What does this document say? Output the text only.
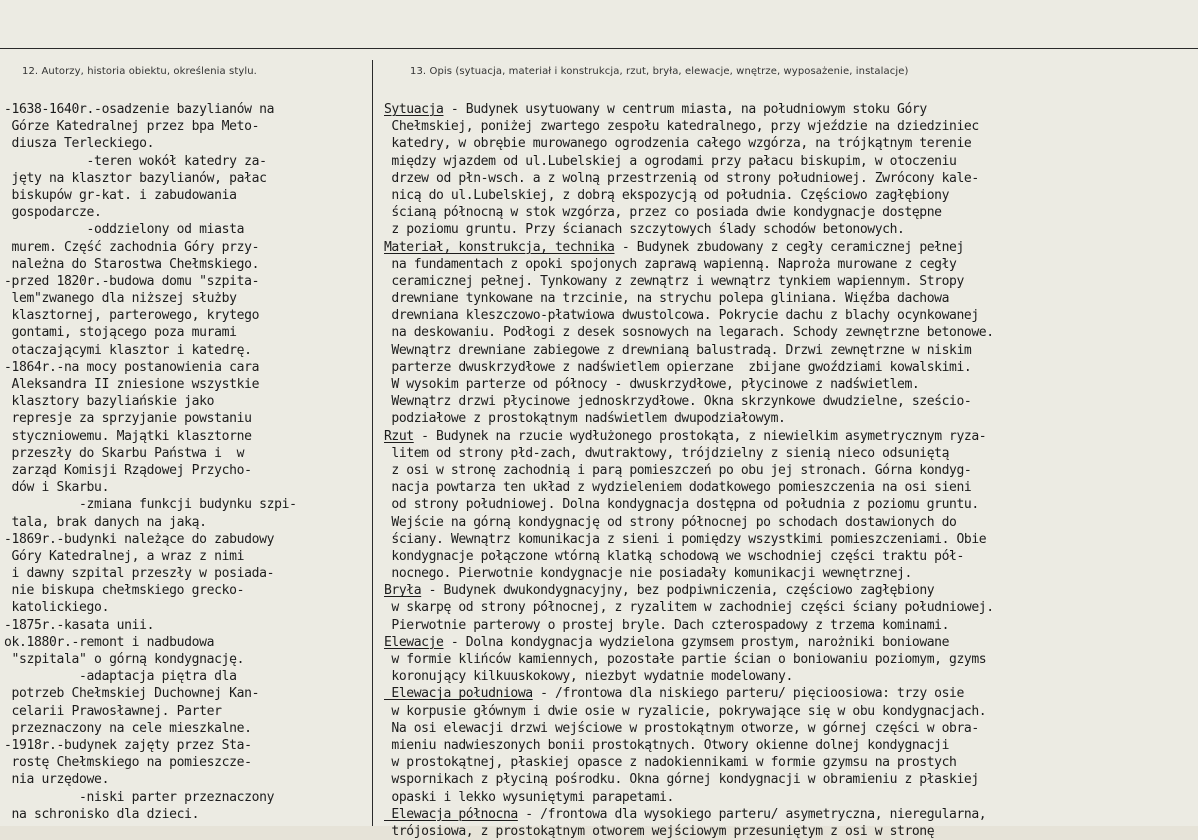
12. Autorzy, historia obiektu, określenia stylu.	13. Opis (sytuacja, materiał i konstrukcja, rzut, bryła, elewacje, wnętrze, wyposażenie, instalacje)
-1638-1640r.-osadzenie bazylianów na
Górze Katedralnej przez bpa Meto-
diusza Terleckiego.
-teren wokół katedry za-
jęty na klasztor bazylianów, pałac
biskupów gr-kat. i zabudowania
gospodarcze.
-oddzielony od miasta
murem. Część zachodnia Góry przy-
należna do Starostwa Chełmskiego.
-przed 1820r.-budowa domu "szpita-
lem"zwanego dla niższej służby
klasztornej, parterowego, krytego
gontami, stojącego poza murami
otaczającymi klasztor i katedrę.
-1864r.-na mocy postanowienia cara
Aleksandra II zniesione wszystkie
klasztory bazyliańskie jako
represje za sprzyjanie powstaniu
styczniowemu. Majątki klasztorne
przeszły do Skarbu Państwa i  w
zarząd Komisji Rządowej Przycho-
dów i Skarbu.
-zmiana funkcji budynku szpi-
tala, brak danych na jaką.
-1869r.-budynki należące do zabudowy
Góry Katedralnej, a wraz z nimi
i dawny szpital przeszły w posiada-
nie biskupa chełmskiego grecko-
katolickiego.
-1875r.-kasata unii.
ok.1880r.-remont i nadbudowa
"szpitala" o górną kondygnację.
-adaptacja piętra dla
potrzeb Chełmskiej Duchownej Kan-
celarii Prawosławnej. Parter
przeznaczony na cele mieszkalne.
-1918r.-budynek zajęty przez Sta-
rostę Chełmskiego na pomieszcze-
nia urzędowe.
-niski parter przeznaczony
na schronisko dla dzieci.
Sytuacja - Budynek usytuowany w centrum miasta, na południowym stoku Góry
Chełmskiej, poniżej zwartego zespołu katedralnego, przy wjeździe na dziedziniec
katedry, w obrębie murowanego ogrodzenia całego wzgórza, na trójkątnym terenie
między wjazdem od ul.Lubelskiej a ogrodami przy pałacu biskupim, w otoczeniu
drzew od płn-wsch. a z wolną przestrzenią od strony południowej. Zwrócony kale-
nicą do ul.Lubelskiej, z dobrą ekspozycją od południa. Częściowo zagłębiony
ścianą północną w stok wzgórza, przez co posiada dwie kondygnacje dostępne
z poziomu gruntu. Przy ścianach szczytowych ślady schodów betonowych.
Materiał, konstrukcja, technika - Budynek zbudowany z cegły ceramicznej pełnej
na fundamentach z opoki spojonych zaprawą wapienną. Naproża murowane z cegły
ceramicznej pełnej. Tynkowany z zewnątrz i wewnątrz tynkiem wapiennym. Stropy
drewniane tynkowane na trzcinie, na strychu polepa gliniana. Więźba dachowa
drewniana kleszczowo-płatwiowa dwustolcowa. Pokrycie dachu z blachy ocynkowanej
na deskowaniu. Podłogi z desek sosnowych na legarach. Schody zewnętrzne betonowe.
Wewnątrz drewniane zabiegowe z drewnianą balustradą. Drzwi zewnętrzne w niskim
parterze dwuskrzydłowe z nadświetlem opierzane  zbijane gwoździami kowalskimi.
W wysokim parterze od północy - dwuskrzydłowe, płycinowe z nadświetlem.
Wewnątrz drzwi płycinowe jednoskrzydłowe. Okna skrzynkowe dwudzielne, sześcio-
podziałowe z prostokątnym nadświetlem dwupodziałowym.
Rzut - Budynek na rzucie wydłużonego prostokąta, z niewielkim asymetrycznym ryza-
litem od strony płd-zach, dwutraktowy, trójdzielny z sienią nieco odsuniętą
z osi w stronę zachodnią i parą pomieszczeń po obu jej stronach. Górna kondyg-
nacja powtarza ten układ z wydzieleniem dodatkowego pomieszczenia na osi sieni
od strony południowej. Dolna kondygnacja dostępna od południa z poziomu gruntu.
Wejście na górną kondygnację od strony północnej po schodach dostawionych do
ściany. Wewnątrz komunikacja z sieni i pomiędzy wszystkimi pomieszczeniami. Obie
kondygnacje połączone wtórną klatką schodową we wschodniej części traktu pół-
nocnego. Pierwotnie kondygnacje nie posiadały komunikacji wewnętrznej.
Bryła - Budynek dwukondygnacyjny, bez podpiwniczenia, częściowo zagłębiony
w skarpę od strony północnej, z ryzalitem w zachodniej części ściany południowej.
Pierwotnie parterowy o prostej bryle. Dach czterospadowy z trzema kominami.
Elewacje - Dolna kondygnacja wydzielona gzymsem prostym, narożniki boniowane
w formie klińców kamiennych, pozostałe partie ścian o boniowaniu poziomym, gzyms
koronujący kilkuuskokowy, niezbyt wydatnie modelowany.
Elewacja południowa - /frontowa dla niskiego parteru/ pięcioosiowa: trzy osie
w korpusie głównym i dwie osie w ryzalicie, pokrywające się w obu kondygnacjach.
Na osi elewacji drzwi wejściowe w prostokątnym otworze, w górnej części w obra-
mieniu nadwieszonych bonii prostokątnych. Otwory okienne dolnej kondygnacji
w prostokątnej, płaskiej opasce z nadokiennikami w formie gzymsu na prostych
wspornikach z płyciną pośrodku. Okna górnej kondygnacji w obramieniu z płaskiej
opaski i lekko wysuniętymi parapetami.
Elewacja północna - /frontowa dla wysokiego parteru/ asymetryczna, nieregularna,
trójosiowa, z prostokątnym otworem wejściowym przesuniętym z osi w stronę
